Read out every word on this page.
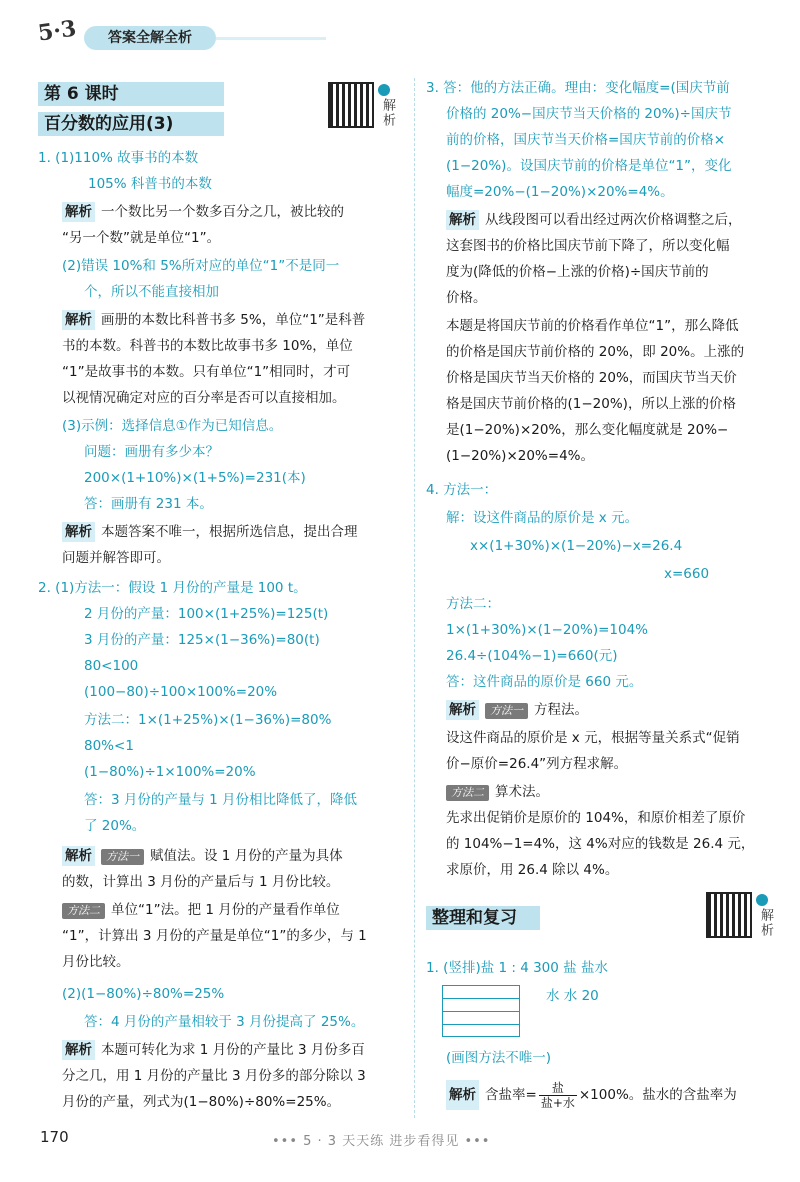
5·3	答案全解全析
第 6 课时
百分数的应用(3)	解析
1. (1)110% 故事书的本数
105% 科普书的本数
解析 一个数比另一个数多百分之几，被比较的
“另一个数”就是单位“1”。
(2)错误 10%和 5%所对应的单位“1”不是同一
个，所以不能直接相加
解析 画册的本数比科普书多 5%，单位“1”是科普
书的本数。科普书的本数比故事书多 10%，单位
“1”是故事书的本数。只有单位“1”相同时，才可
以视情况确定对应的百分率是否可以直接相加。
(3)示例：选择信息①作为已知信息。
问题：画册有多少本？
200×(1+10%)×(1+5%)=231(本)
答：画册有 231 本。
解析 本题答案不唯一，根据所选信息，提出合理
问题并解答即可。
2. (1)方法一：假设 1 月份的产量是 100 t。
2 月份的产量：100×(1+25%)=125(t)
3 月份的产量：125×(1−36%)=80(t)
80<100
(100−80)÷100×100%=20%
方法二：1×(1+25%)×(1−36%)=80%
80%<1
(1−80%)÷1×100%=20%
答：3 月份的产量与 1 月份相比降低了，降低
了 20%。
解析 方法一 赋值法。设 1 月份的产量为具体
的数，计算出 3 月份的产量后与 1 月份比较。
方法二 单位“1”法。把 1 月份的产量看作单位
“1”，计算出 3 月份的产量是单位“1”的多少，与 1
月份比较。
(2)(1−80%)÷80%=25%
答：4 月份的产量相较于 3 月份提高了 25%。
解析 本题可转化为求 1 月份的产量比 3 月份多百
分之几，用 1 月份的产量比 3 月份多的部分除以 3
月份的产量，列式为(1−80%)÷80%=25%。
3. 答：他的方法正确。理由：变化幅度=(国庆节前
价格的 20%−国庆节当天价格的 20%)÷国庆节
前的价格，国庆节当天价格=国庆节前的价格×
(1−20%)。设国庆节前的价格是单位“1”，变化
幅度=20%−(1−20%)×20%=4%。
解析 从线段图可以看出经过两次价格调整之后，
这套图书的价格比国庆节前下降了，所以变化幅
度为(降低的价格−上涨的价格)÷国庆节前的
价格。
本题是将国庆节前的价格看作单位“1”，那么降低
的价格是国庆节前价格的 20%，即 20%。上涨的
价格是国庆节当天价格的 20%，而国庆节当天价
格是国庆节前价格的(1−20%)，所以上涨的价格
是(1−20%)×20%，那么变化幅度就是 20%−
(1−20%)×20%=4%。
4. 方法一：
解：设这件商品的原价是 x 元。
x×(1+30%)×(1−20%)−x=26.4
x=660
方法二：
1×(1+30%)×(1−20%)=104%
26.4÷(104%−1)=660(元)
答：这件商品的原价是 660 元。
解析 方法一 方程法。
设这件商品的原价是 x 元，根据等量关系式“促销
价−原价=26.4”列方程求解。
方法二 算术法。
先求出促销价是原价的 104%，和原价相差了原价
的 104%−1=4%，这 4%对应的钱数是 26.4 元，
求原价，用 26.4 除以 4%。
1. (竖排)盐 1 : 4 300 盐 盐水
水 水 20
(画图方法不唯一)
整理和复习	解析
解析 含盐率= $\frac{\text{盐}}{\text{盐+水}} \times 100\%$。盐水的含盐率为
170	••• 5 · 3 天天练 进步看得见 •••
